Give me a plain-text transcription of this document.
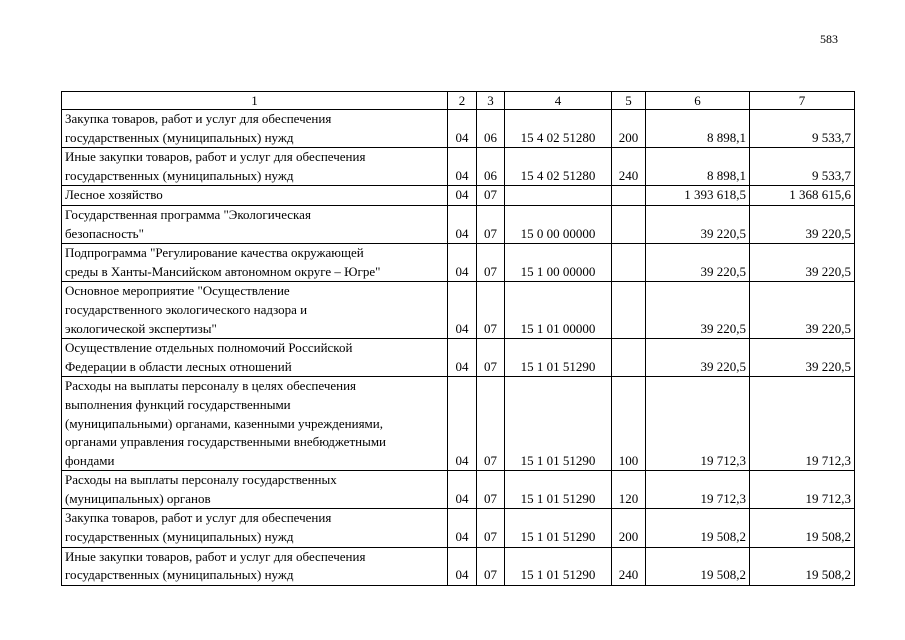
583
1	2	3	4	5	6	7
Закупка товаров, работ и услуг для обеспечения
государственных (муниципальных) нужд	04	06	15 4 02 51280	200	8 898,1	9 533,7
Иные закупки товаров, работ и услуг для обеспечения
государственных (муниципальных) нужд	04	06	15 4 02 51280	240	8 898,1	9 533,7
Лесное хозяйство	04	07			1 393 618,5	1 368 615,6
Государственная программа "Экологическая
безопасность"	04	07	15 0 00 00000		39 220,5	39 220,5
Подпрограмма "Регулирование качества окружающей
среды в Ханты-Мансийском автономном округе – Югре"	04	07	15 1 00 00000		39 220,5	39 220,5
Основное мероприятие "Осуществление
государственного экологического надзора и
экологической экспертизы"	04	07	15 1 01 00000		39 220,5	39 220,5
Осуществление отдельных полномочий Российской
Федерации в области лесных отношений	04	07	15 1 01 51290		39 220,5	39 220,5
Расходы на выплаты персоналу в целях обеспечения
выполнения функций государственными
(муниципальными) органами, казенными учреждениями,
органами управления государственными внебюджетными
фондами	04	07	15 1 01 51290	100	19 712,3	19 712,3
Расходы на выплаты персоналу государственных
(муниципальных) органов	04	07	15 1 01 51290	120	19 712,3	19 712,3
Закупка товаров, работ и услуг для обеспечения
государственных (муниципальных) нужд	04	07	15 1 01 51290	200	19 508,2	19 508,2
Иные закупки товаров, работ и услуг для обеспечения
государственных (муниципальных) нужд	04	07	15 1 01 51290	240	19 508,2	19 508,2
